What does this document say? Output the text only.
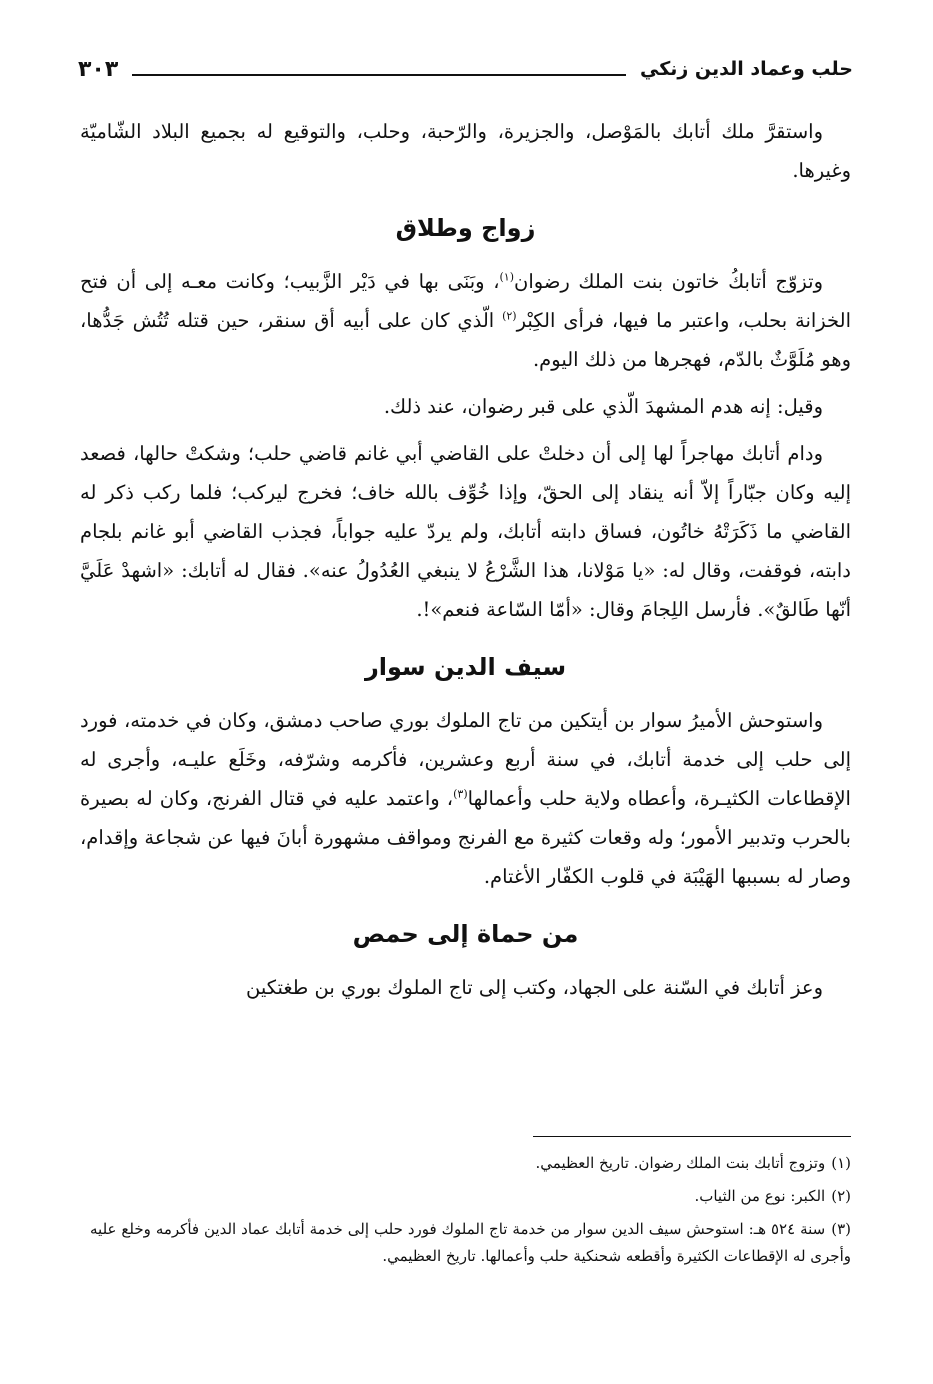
حلب وعماد الدين زنكي
٣٠٣

واستقرَّ ملك أتابك بالمَوْصل، والجزيرة، والرّحبة، وحلب، والتوقيع له بجميع البلاد الشّاميّة وغيرها.

زواج وطلاق

وتزوّج أتابكُ خاتون بنت الملك رضوان$^{(١)}$، وبَنَى بها في دَيْر الزَّبيب؛ وكانت معـه إلى أن فتح الخزانة بحلب، واعتبر ما فيها، فرأى الكِبْر$^{(٢)}$ الّذي كان على أبيه أق سنقر، حين قتله تُتُش جَدُّها، وهو مُلَوَّثٌ بالدّم، فهجرها من ذلك اليوم.

وقيل: إنه هدم المشهدَ الّذي على قبر رضوان، عند ذلك.

ودام أتابك مهاجراً لها إلى أن دخلتْ على القاضي أبي غانم قاضي حلب؛ وشكتْ حالها، فصعد إليه وكان جبّاراً إلاّ أنه ينقاد إلى الحقّ، وإذا خُوِّف بالله خاف؛ فخرج ليركب؛ فلما ركب ذكر له القاضي ما ذَكَرَتْهُ خاتُون، فساق دابته أتابك، ولم يردّ عليه جواباً، فجذب القاضي أبو غانم بلجام دابته، فوقفت، وقال له: «يا مَوْلانا، هذا الشَّرْعُ لا ينبغي العُدُولُ عنه». فقال له أتابك: «اشهدْ عَلَيَّ أنّها طَالقٌ». فأرسل اللِجامَ وقال: «أمّا السّاعة فنعم»!.

سيف الدين سوار

واستوحش الأميرُ سوار بن أيتكين من تاج الملوك بوري صاحب دمشق، وكان في خدمته، فورد إلى حلب إلى خدمة أتابك، في سنة أربع وعشرين، فأكرمه وشرّفه، وخَلَع عليـه، وأجرى له الإقطاعات الكثيـرة، وأعطاه ولاية حلب وأعمالها$^{(٣)}$، واعتمد عليه في قتال الفرنج، وكان له بصيرة بالحرب وتدبير الأمور؛ وله وقعات كثيرة مع الفرنج ومواقف مشهورة أبانَ فيها عن شجاعة وإقدام، وصار له بسببها الهَيْبَة في قلوب الكفّار الأغتام.

من حماة إلى حمص

وعز أتابك في السّنة على الجهاد، وكتب إلى تاج الملوك بوري بن طغتكين

(١)وتزوج أتابك بنت الملك رضوان. تاريخ العظيمي.

(٢)الكبر: نوع من الثياب.

(٣)سنة ٥٢٤ هـ: استوحش سيف الدين سوار من خدمة تاج الملوك فورد حلب إلى خدمة أتابك عماد الدين فأكرمه وخلع عليه وأجرى له الإقطاعات الكثيرة وأقطعه شحنكية حلب وأعمالها. تاريخ العظيمي.
